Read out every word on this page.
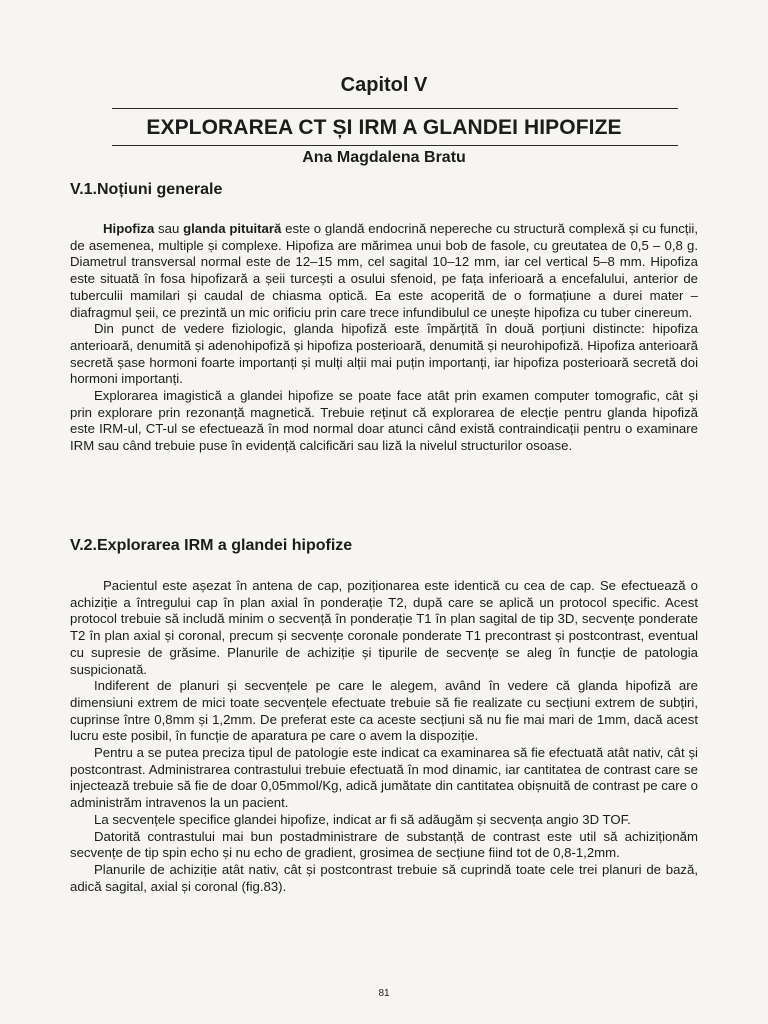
Capitol V
EXPLORAREA CT ȘI IRM A GLANDEI HIPOFIZE
Ana Magdalena Bratu
V.1.Noțiuni generale

Hipofiza sau glanda pituitară este o glandă endocrină nepereche cu structură complexă și cu funcții, de asemenea, multiple și complexe. Hipofiza are mărimea unui bob de fasole, cu greutatea de 0,5 – 0,8 g. Diametrul transversal normal este de 12–15 mm, cel sagital 10–12 mm, iar cel vertical 5–8 mm. Hipofiza este situată în fosa hipofizară a șeii turcești a osului sfenoid, pe fața inferioară a encefalului, anterior de tuberculii mamilari și caudal de chiasma optică. Ea este acoperită de o formațiune a durei mater – diafragmul șeii, ce prezintă un mic orificiu prin care trece infundibulul ce unește hipofiza cu tuber cinereum.

Din punct de vedere fiziologic, glanda hipofiză este împărțită în două porțiuni distincte: hipofiza anterioară, denumită și adenohipofiză și hipofiza posterioară, denumită și neurohipofiză. Hipofiza anterioară secretă șase hormoni foarte importanți și mulți alții mai puțin importanți, iar hipofiza posterioară secretă doi hormoni importanți.

Explorarea imagistică a glandei hipofize se poate face atât prin examen computer tomografic, cât și prin explorare prin rezonanță magnetică. Trebuie reținut că explorarea de elecție pentru glanda hipofiză este IRM-ul, CT-ul se efectuează în mod normal doar atunci când există contraindicații pentru o examinare IRM sau când trebuie puse în evidență calcificări sau liză la nivelul structurilor osoase.

V.2.Explorarea IRM a glandei hipofize

Pacientul este așezat în antena de cap, poziționarea este identică cu cea de cap. Se efectuează o achiziție a întregului cap în plan axial în ponderație T2, după care se aplică un protocol specific. Acest protocol trebuie să includă minim o secvență în ponderație T1 în plan sagital de tip 3D, secvențe ponderate T2 în plan axial și coronal, precum și secvențe coronale ponderate T1 precontrast și postcontrast, eventual cu supresie de grăsime. Planurile de achiziție și tipurile de secvențe se aleg în funcție de patologia suspicionată.

Indiferent de planuri și secvențele pe care le alegem, având în vedere că glanda hipofiză are dimensiuni extrem de mici toate secvențele efectuate trebuie să fie realizate cu secțiuni extrem de subțiri, cuprinse între 0,8mm și 1,2mm. De preferat este ca aceste secțiuni să nu fie mai mari de 1mm, dacă acest lucru este posibil, în funcție de aparatura pe care o avem la dispoziție.

Pentru a se putea preciza tipul de patologie este indicat ca examinarea să fie efectuată atât nativ, cât și postcontrast. Administrarea contrastului trebuie efectuată în mod dinamic, iar cantitatea de contrast care se injectează trebuie să fie de doar 0,05mmol/Kg, adică jumătate din cantitatea obișnuită de contrast pe care o administrăm intravenos la un pacient.

La secvențele specifice glandei hipofize, indicat ar fi să adăugăm și secvența angio 3D TOF.

Datorită contrastului mai bun postadministrare de substanță de contrast este util să achiziționăm secvențe de tip spin echo și nu echo de gradient, grosimea de secțiune fiind tot de 0,8-1,2mm.

Planurile de achiziție atât nativ, cât și postcontrast trebuie să cuprindă toate cele trei planuri de bază, adică sagital, axial și coronal (fig.83).

81
